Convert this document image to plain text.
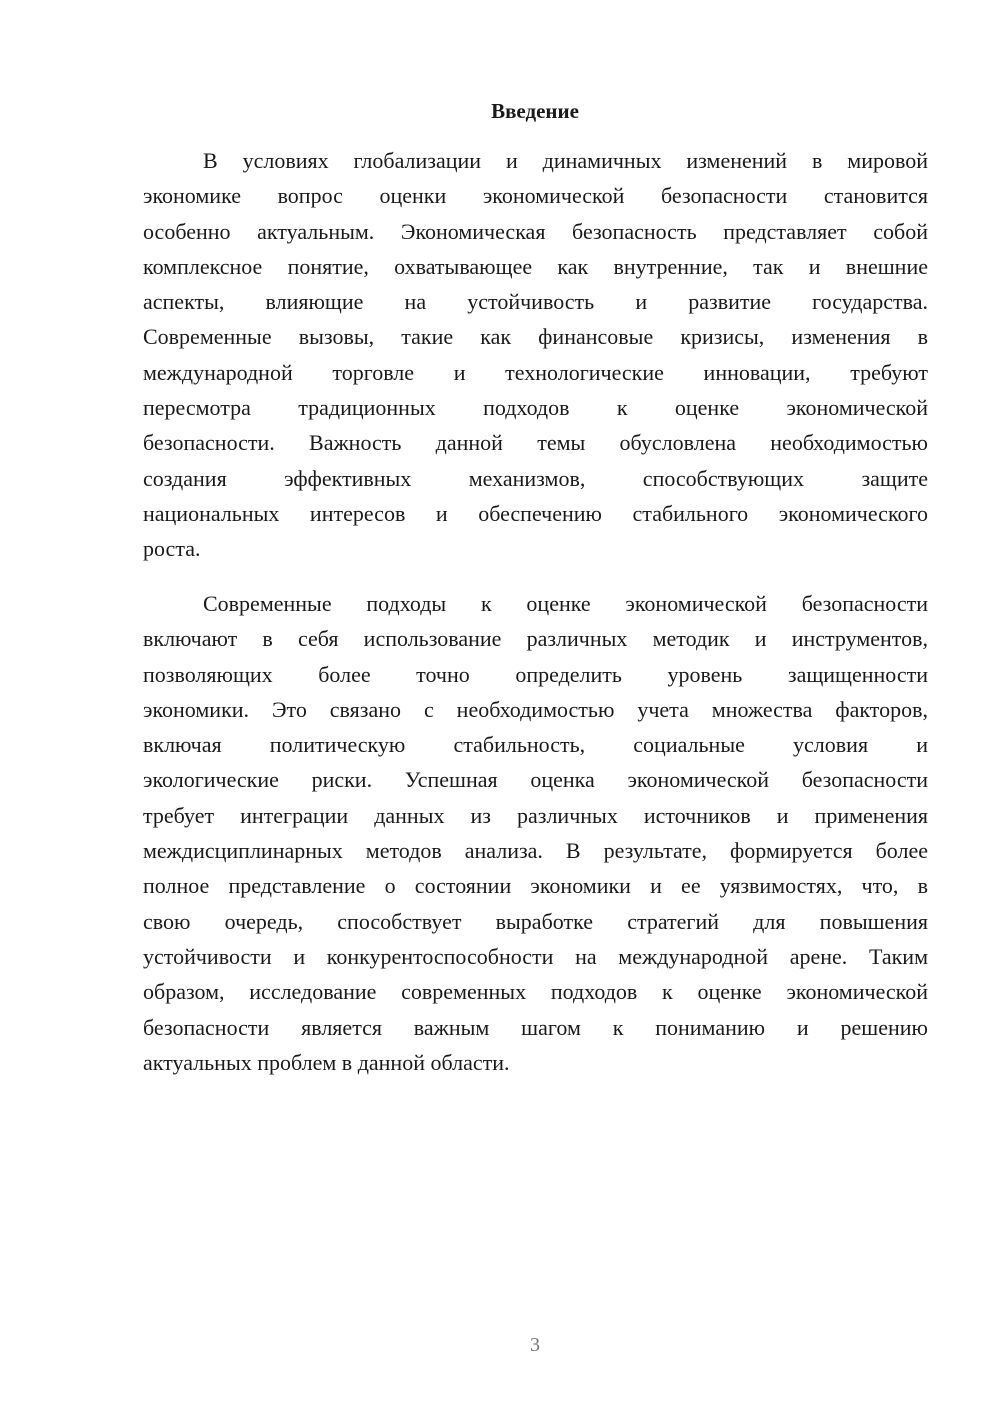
Введение
В условиях глобализации и динамичных изменений в мировой
экономике вопрос оценки экономической безопасности становится
особенно актуальным. Экономическая безопасность представляет собой
комплексное понятие, охватывающее как внутренние, так и внешние
аспекты, влияющие на устойчивость и развитие государства.
Современные вызовы, такие как финансовые кризисы, изменения в
международной торговле и технологические инновации, требуют
пересмотра традиционных подходов к оценке экономической
безопасности. Важность данной темы обусловлена необходимостью
создания эффективных механизмов, способствующих защите
национальных интересов и обеспечению стабильного экономического
роста.
Современные подходы к оценке экономической безопасности
включают в себя использование различных методик и инструментов,
позволяющих более точно определить уровень защищенности
экономики. Это связано с необходимостью учета множества факторов,
включая политическую стабильность, социальные условия и
экологические риски. Успешная оценка экономической безопасности
требует интеграции данных из различных источников и применения
междисциплинарных методов анализа. В результате, формируется более
полное представление о состоянии экономики и ее уязвимостях, что, в
свою очередь, способствует выработке стратегий для повышения
устойчивости и конкурентоспособности на международной арене. Таким
образом, исследование современных подходов к оценке экономической
безопасности является важным шагом к пониманию и решению
актуальных проблем в данной области.
3
